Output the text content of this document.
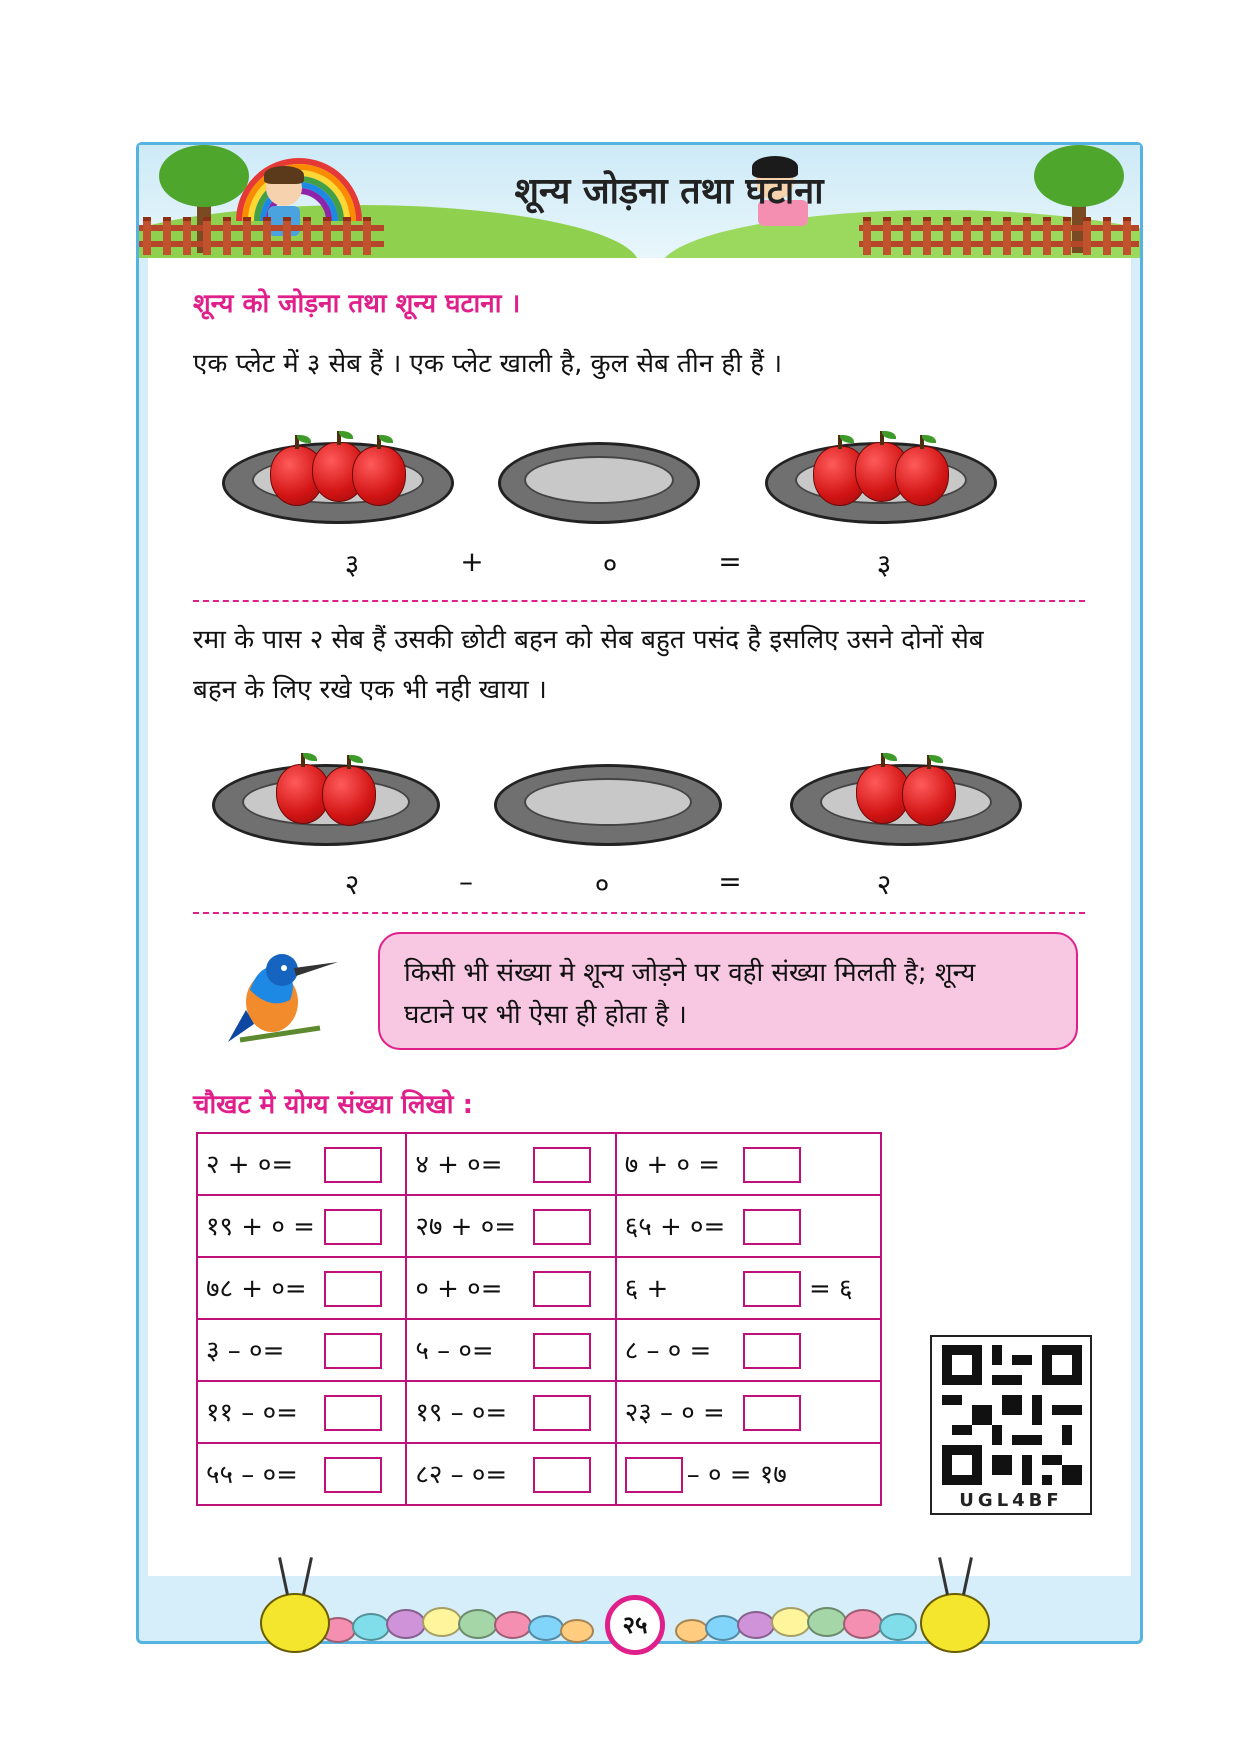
शून्य जोड़ना तथा घटाना
शून्य को जोड़ना तथा शून्य घटाना ।
एक प्लेट में ३ सेब हैं । एक प्लेट खाली है, कुल सेब तीन ही हैं ।
३	+	०	=	३
रमा के पास २ सेब हैं उसकी छोटी बहन को सेब बहुत पसंद है इसलिए उसने दोनों सेब
बहन के लिए रखे एक भी नही खाया ।
२	–	०	=	२
किसी भी संख्या मे शून्य जोड़ने पर वही संख्या मिलती है; शून्य
घटाने पर भी ऐसा ही होता है ।
चौखट मे योग्य संख्या लिखो :
२ + ०=	४ + ०=	७ + ० =
१९ + ० =	२७ + ०=	६५ + ०=
७८ + ०=	० + ०=	६ + = ६
३ – ०=	५ – ०=	८ – ० =
११ – ०=	१९ – ०=	२३ – ० =
५५ – ०=	८२ – ०=	– ० = १७
UGL4BF
२५
